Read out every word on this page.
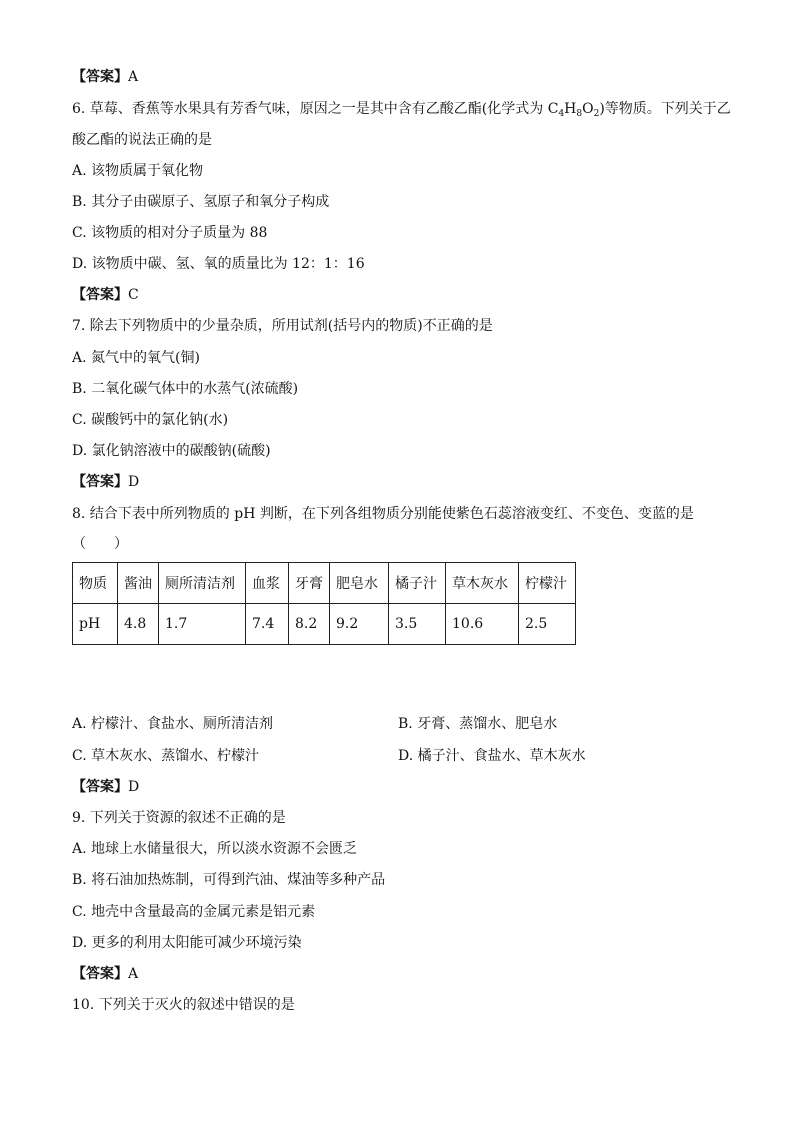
【答案】A
6. 草莓、香蕉等水果具有芳香气味，原因之一是其中含有乙酸乙酯(化学式为 $C_4H_8O_2$)等物质。下列关于乙
酸乙酯的说法正确的是
A. 该物质属于氧化物
B. 其分子由碳原子、氢原子和氧分子构成
C. 该物质的相对分子质量为 88
D. 该物质中碳、氢、氧的质量比为 12：1：16
【答案】C
7. 除去下列物质中的少量杂质，所用试剂(括号内的物质)不正确的是
A. 氮气中的氧气(铜)
B. 二氧化碳气体中的水蒸气(浓硫酸)
C. 碳酸钙中的氯化钠(水)
D. 氯化钠溶液中的碳酸钠(硫酸)
【答案】D
8. 结合下表中所列物质的 pH 判断，在下列各组物质分别能使紫色石蕊溶液变红、不变色、变蓝的是
（　　）
物质	酱油	厕所清洁剂	血浆	牙膏	肥皂水	橘子汁	草木灰水	柠檬汁
pH	4.8	1.7	7.4	8.2	9.2	3.5	10.6	2.5
A. 柠檬汁、食盐水、厕所清洁剂	B. 牙膏、蒸馏水、肥皂水
C. 草木灰水、蒸馏水、柠檬汁	D. 橘子汁、食盐水、草木灰水
【答案】D
9. 下列关于资源的叙述不正确的是
A. 地球上水储量很大，所以淡水资源不会匮乏
B. 将石油加热炼制，可得到汽油、煤油等多种产品
C. 地壳中含量最高的金属元素是铝元素
D. 更多的利用太阳能可减少环境污染
【答案】A
10. 下列关于灭火的叙述中错误的是
